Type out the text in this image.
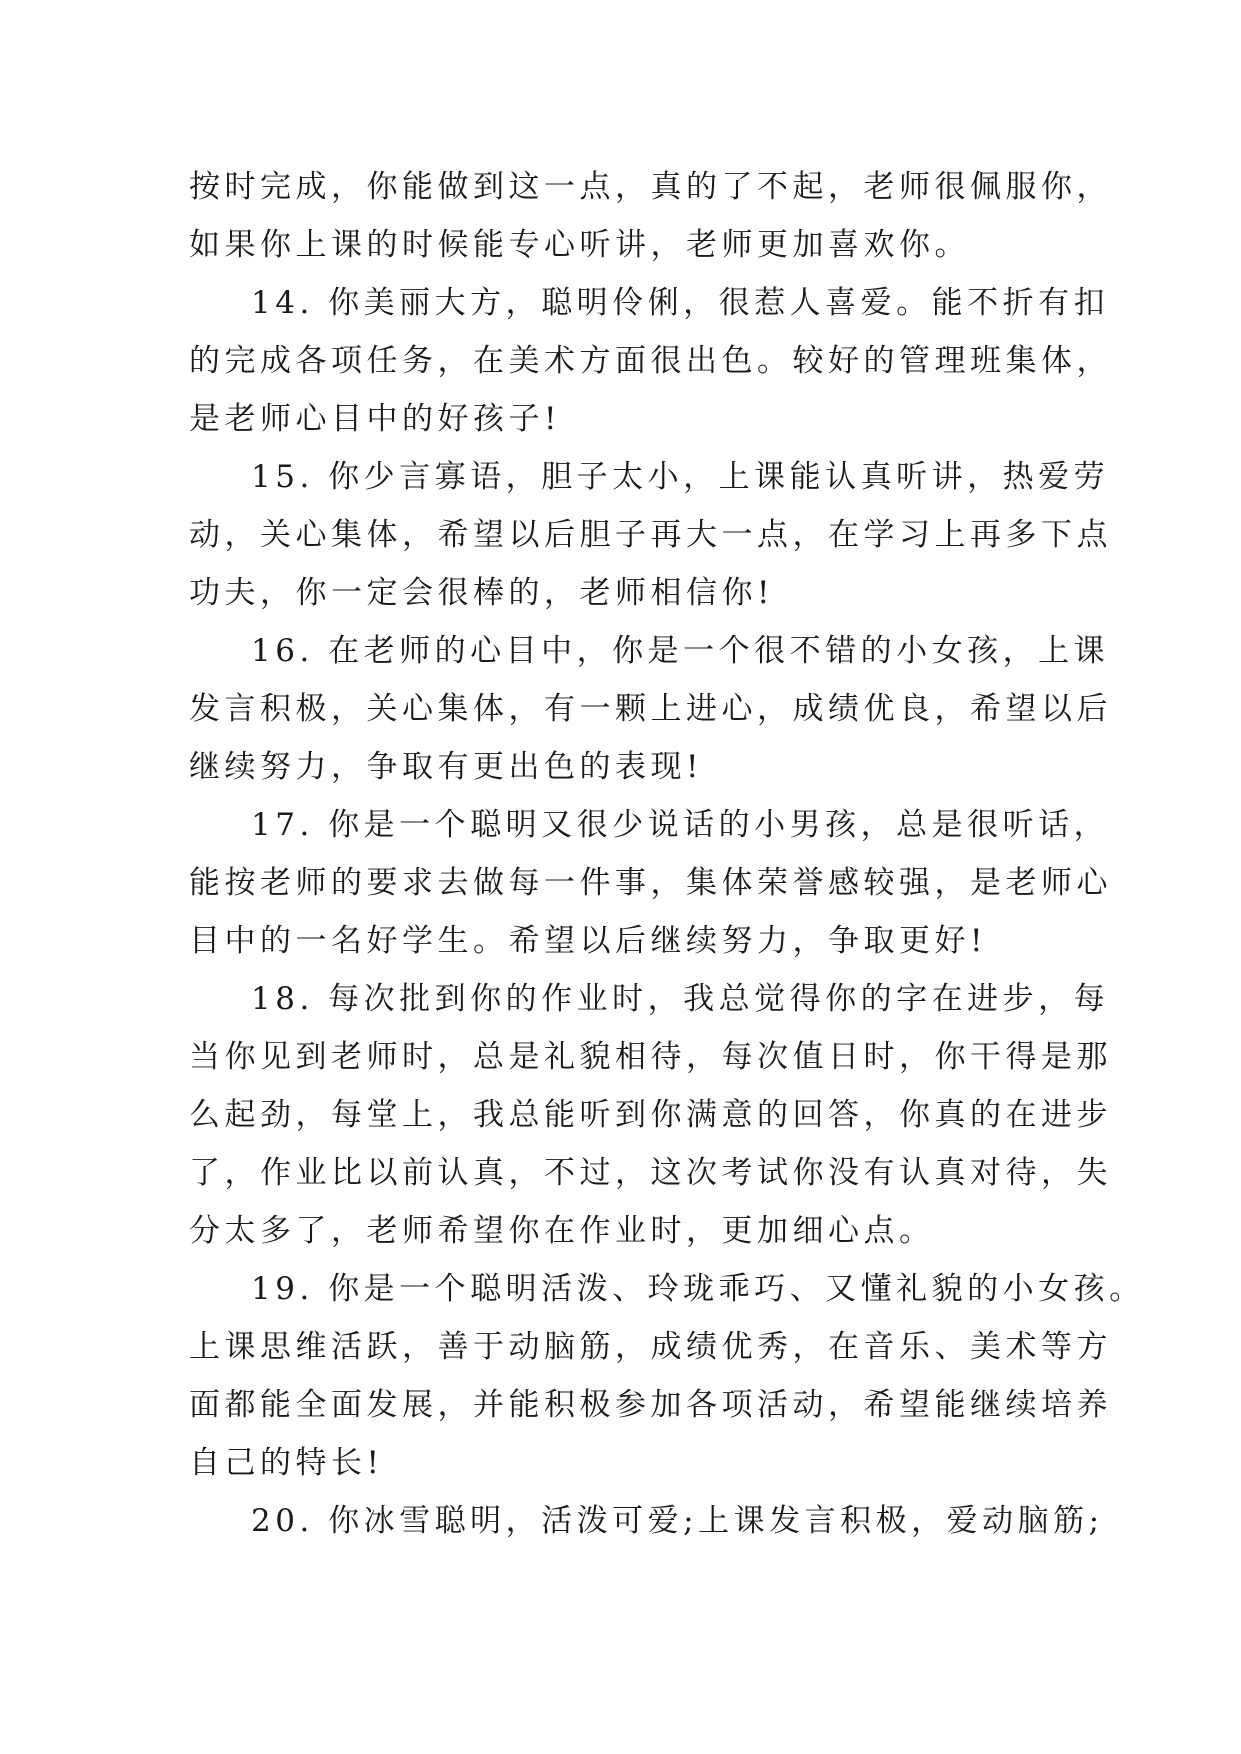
按时完成，你能做到这一点，真的了不起，老师很佩服你，
如果你上课的时候能专心听讲，老师更加喜欢你。
14. 你美丽大方，聪明伶俐，很惹人喜爱。能不折有扣
的完成各项任务，在美术方面很出色。较好的管理班集体，
是老师心目中的好孩子!
15. 你少言寡语，胆子太小，上课能认真听讲，热爱劳
动，关心集体，希望以后胆子再大一点，在学习上再多下点
功夫，你一定会很棒的，老师相信你!
16. 在老师的心目中，你是一个很不错的小女孩，上课
发言积极，关心集体，有一颗上进心，成绩优良，希望以后
继续努力，争取有更出色的表现!
17. 你是一个聪明又很少说话的小男孩，总是很听话，
能按老师的要求去做每一件事，集体荣誉感较强，是老师心
目中的一名好学生。希望以后继续努力，争取更好!
18. 每次批到你的作业时，我总觉得你的字在进步，每
当你见到老师时，总是礼貌相待，每次值日时，你干得是那
么起劲，每堂上，我总能听到你满意的回答，你真的在进步
了，作业比以前认真，不过，这次考试你没有认真对待，失
分太多了，老师希望你在作业时，更加细心点。
19. 你是一个聪明活泼、玲珑乖巧、又懂礼貌的小女孩。
上课思维活跃，善于动脑筋，成绩优秀，在音乐、美术等方
面都能全面发展，并能积极参加各项活动，希望能继续培养
自己的特长!
20. 你冰雪聪明，活泼可爱;上课发言积极，爱动脑筋;
